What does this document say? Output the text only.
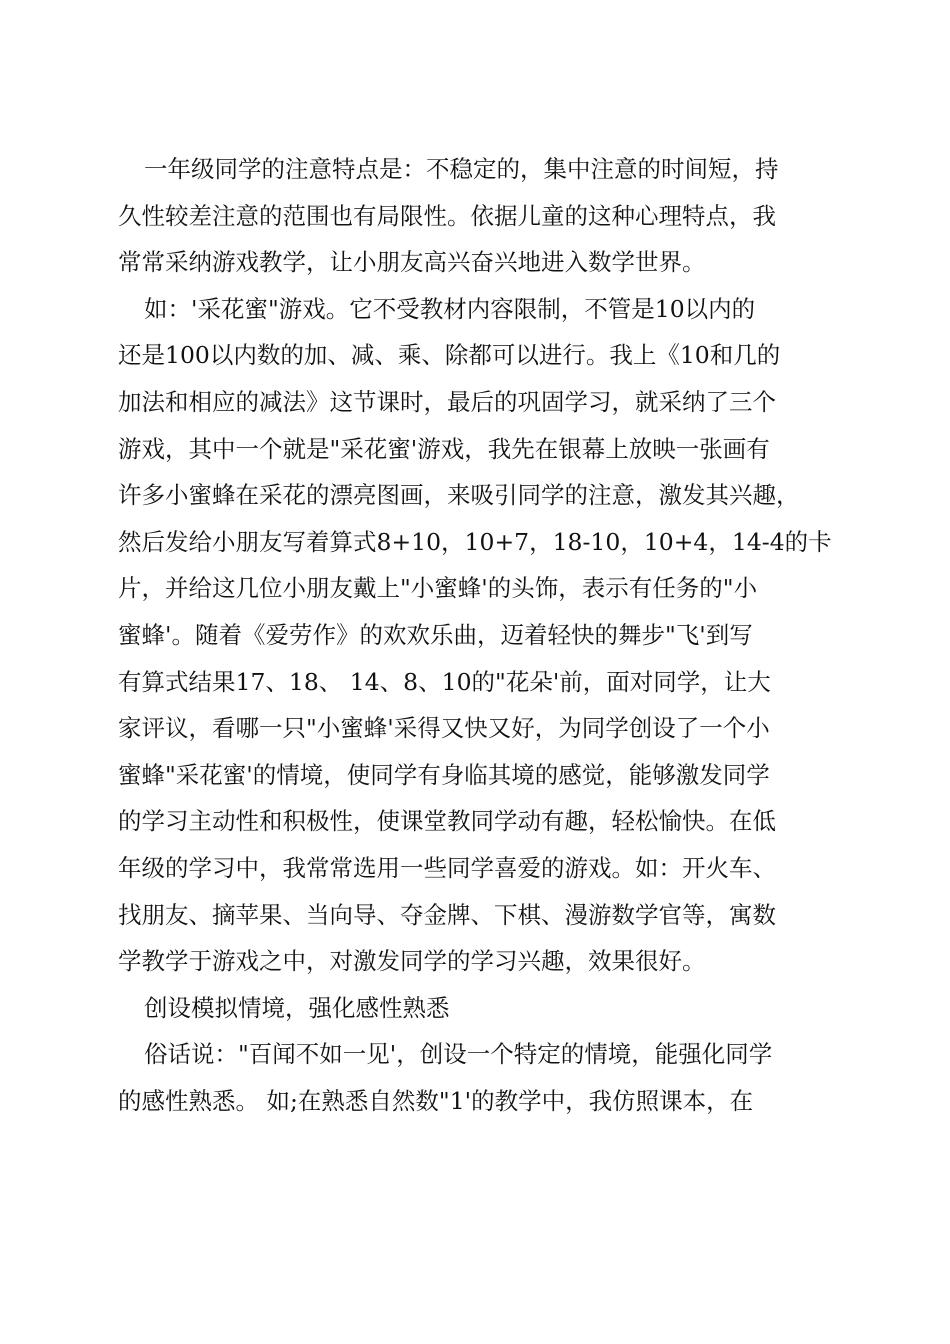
一年级同学的注意特点是：不稳定的，集中注意的时间短，持
久性较差注意的范围也有局限性。依据儿童的这种心理特点，我
常常采纳游戏教学，让小朋友高兴奋兴地进入数学世界。
如：'采花蜜"游戏。它不受教材内容限制，不管是10以内的
还是100以内数的加、减、乘、除都可以进行。我上《10和几的
加法和相应的减法》这节课时，最后的巩固学习，就采纳了三个
游戏，其中一个就是"采花蜜'游戏，我先在银幕上放映一张画有
许多小蜜蜂在采花的漂亮图画，来吸引同学的注意，激发其兴趣，
然后发给小朋友写着算式8+10，10+7，18-10，10+4，14-4的卡
片，并给这几位小朋友戴上"小蜜蜂'的头饰，表示有任务的"小
蜜蜂'。随着《爱劳作》的欢欢乐曲，迈着轻快的舞步"飞'到写
有算式结果17、18、 14、8、10的"花朵'前，面对同学，让大
家评议，看哪一只"小蜜蜂'采得又快又好，为同学创设了一个小
蜜蜂"采花蜜'的情境，使同学有身临其境的感觉，能够激发同学
的学习主动性和积极性，使课堂教同学动有趣，轻松愉快。在低
年级的学习中，我常常选用一些同学喜爱的游戏。如：开火车、
找朋友、摘苹果、当向导、夺金牌、下棋、漫游数学官等，寓数
学教学于游戏之中，对激发同学的学习兴趣，效果很好。
创设模拟情境，强化感性熟悉
俗话说："百闻不如一见'，创设一个特定的情境，能强化同学
的感性熟悉。 如;在熟悉自然数"1'的教学中，我仿照课本，在
